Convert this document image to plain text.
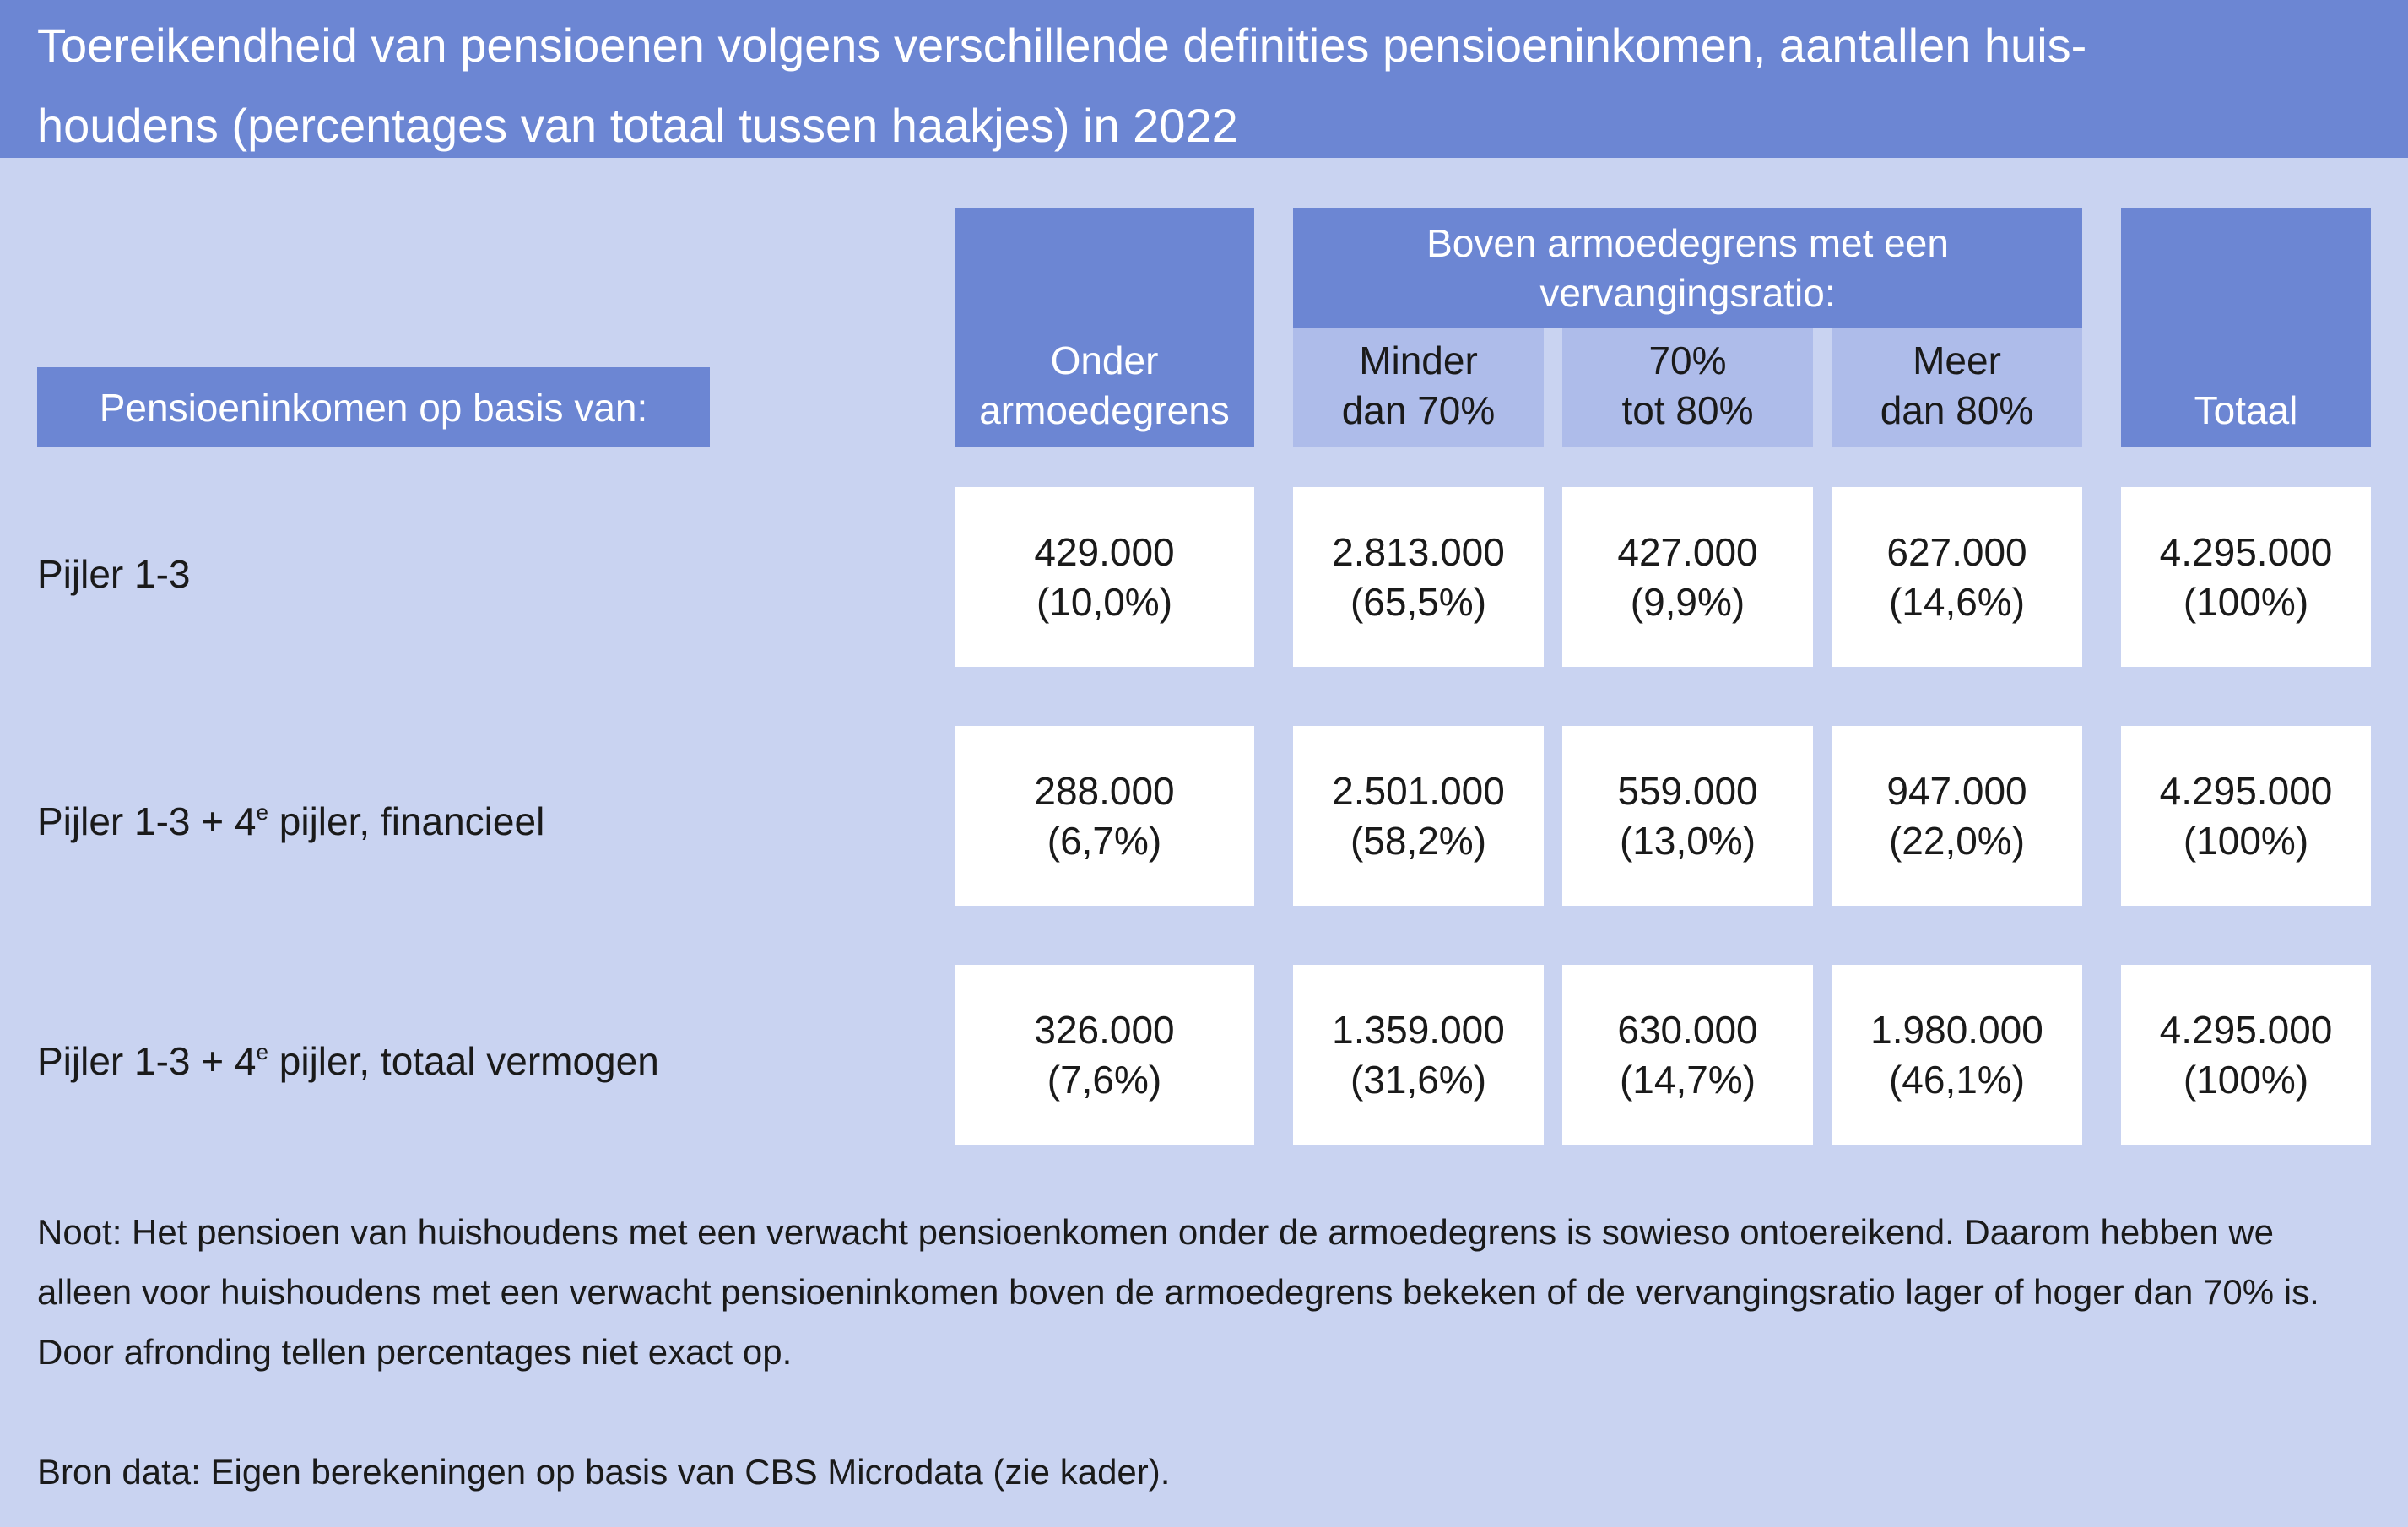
Toereikendheid van pensioenen volgens verschillende definities pensioeninkomen, aantallen huis-
houdens (percentages van totaal tussen haakjes) in 2022
Onder
armoedegrens
Boven armoedegrens met een
vervangingsratio:
Minder
dan 70%
70%
tot 80%
Meer
dan 80%	Totaal
Pensioeninkomen op basis van:
Pijler 1-3
429.000
(10,0%)
2.813.000
(65,5%)
427.000
(9,9%)
627.000
(14,6%)
4.295.000
(100%)
Pijler $1-3 + 4^e$ pijler, financieel
288.000
(6,7%)
2.501.000
(58,2%)
559.000
(13,0%)
947.000
(22,0%)
4.295.000
(100%)
Pijler $1-3 + 4^e$ pijler, totaal vermogen
326.000
(7,6%)
1.359.000
(31,6%)
630.000
(14,7%)
1.980.000
(46,1%)
4.295.000
(100%)
Noot: Het pensioen van huishoudens met een verwacht pensioenkomen onder de armoedegrens is sowieso ontoereikend. Daarom hebben we alleen voor huishoudens met een verwacht pensioeninkomen boven de armoedegrens bekeken of de vervangingsratio lager of hoger dan 70% is. Door afronding tellen percentages niet exact op.
Bron data: Eigen berekeningen op basis van CBS Microdata (zie kader).
